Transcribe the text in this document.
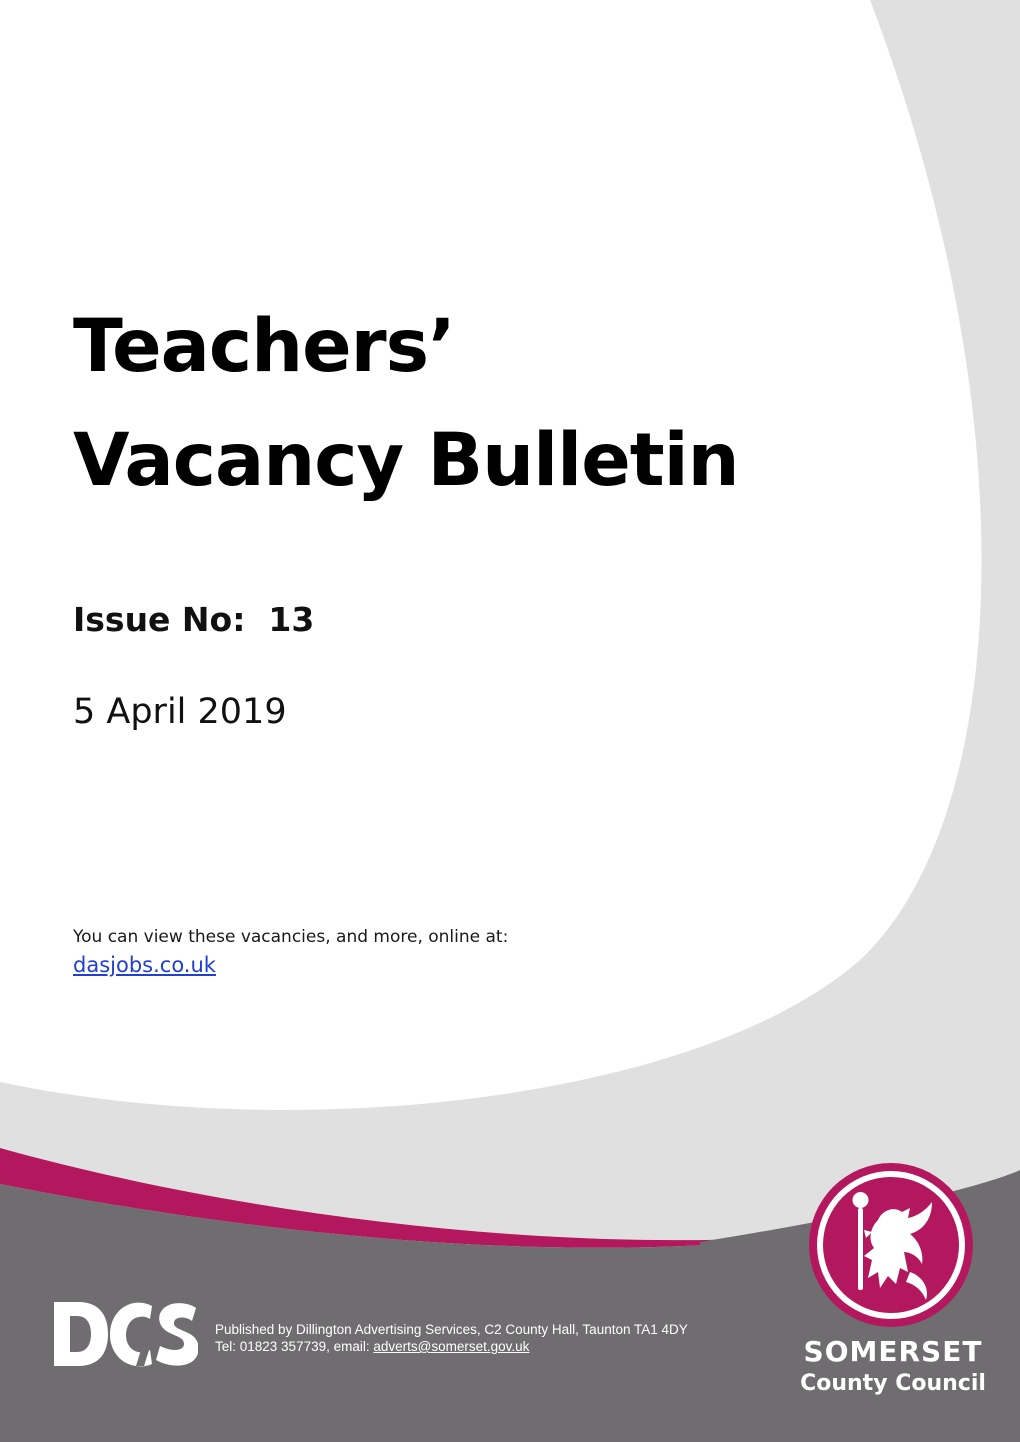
Teachers’
Vacancy Bulletin
Issue No: 13
5 April 2019
You can view these vacancies, and more, online at:
dasjobs.co.uk
Published by Dillington Advertising Services, C2 County Hall, Taunton TA1 4DY
Tel: 01823 357739, email: adverts@somerset.gov.uk	SOMERSET
County Council
